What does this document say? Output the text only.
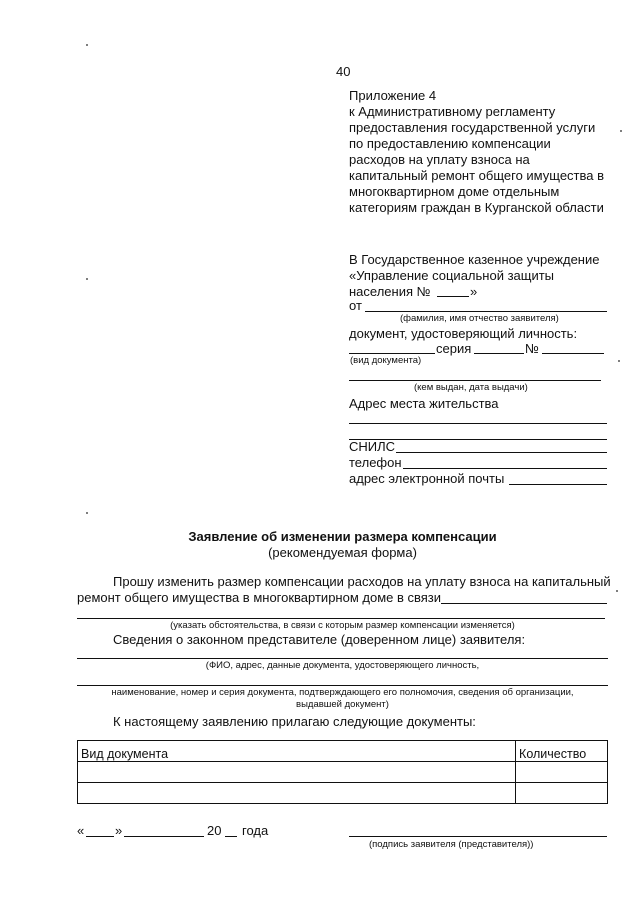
40
Приложение 4
к Административному регламенту
предоставления государственной услуги
по предоставлению компенсации
расходов на уплату взноса на
капитальный ремонт общего имущества в
многоквартирном доме отдельным
категориям граждан в Курганской области
В Государственное казенное учреждение
«Управление социальной защиты
населения №	»
от
(фамилия, имя отчество заявителя)
документ, удостоверяющий личность:
серия	№
(вид документа)
(кем выдан, дата выдачи)
Адрес места жительства
СНИЛС
телефон
адрес электронной почты
Заявление об изменении размера компенсации
(рекомендуемая форма)
Прошу изменить размер компенсации расходов на уплату взноса на капитальный
ремонт общего имущества в многоквартирном доме в связи
(указать обстоятельства, в связи с которым размер компенсации изменяется)
Сведения о законном представителе (доверенном лице) заявителя:
(ФИО, адрес, данные документа, удостоверяющего личность,
наименование, номер и серия документа, подтверждающего его полномочия, сведения об организации,
выдавшей документ)
К настоящему заявлению прилагаю следующие документы:
Вид документа	Количество

« »	20 года
(подпись заявителя (представителя))
